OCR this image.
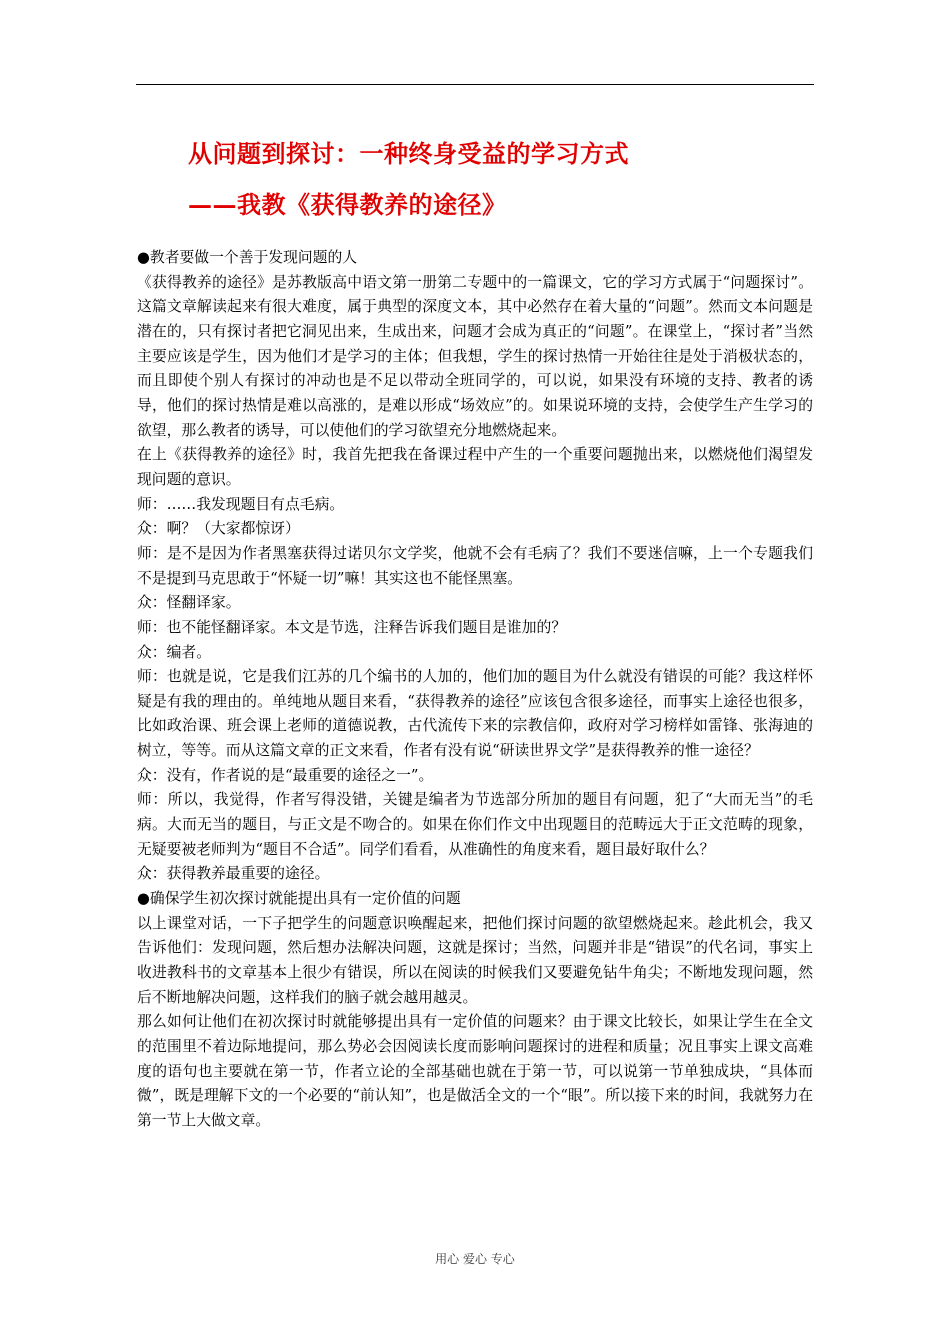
从问题到探讨：一种终身受益的学习方式
——我教《获得教养的途径》

●教者要做一个善于发现问题的人

《获得教养的途径》是苏教版高中语文第一册第二专题中的一篇课文，它的学习方式属于“问题探讨”。这篇文章解读起来有很大难度，属于典型的深度文本，其中必然存在着大量的“问题”。然而文本问题是潜在的，只有探讨者把它洞见出来，生成出来，问题才会成为真正的“问题”。在课堂上，“探讨者”当然主要应该是学生，因为他们才是学习的主体；但我想，学生的探讨热情一开始往往是处于消极状态的，而且即使个别人有探讨的冲动也是不足以带动全班同学的，可以说，如果没有环境的支持、教者的诱导，他们的探讨热情是难以高涨的，是难以形成“场效应”的。如果说环境的支持，会使学生产生学习的欲望，那么教者的诱导，可以使他们的学习欲望充分地燃烧起来。

在上《获得教养的途径》时，我首先把我在备课过程中产生的一个重要问题抛出来，以燃烧他们渴望发现问题的意识。

师：……我发现题目有点毛病。

众：啊？（大家都惊讶）

师：是不是因为作者黑塞获得过诺贝尔文学奖，他就不会有毛病了？我们不要迷信嘛，上一个专题我们不是提到马克思敢于“怀疑一切”嘛！其实这也不能怪黑塞。

众：怪翻译家。

师：也不能怪翻译家。本文是节选，注释告诉我们题目是谁加的？

众：编者。

师：也就是说，它是我们江苏的几个编书的人加的，他们加的题目为什么就没有错误的可能？我这样怀疑是有我的理由的。单纯地从题目来看，“获得教养的途径”应该包含很多途径，而事实上途径也很多，比如政治课、班会课上老师的道德说教，古代流传下来的宗教信仰，政府对学习榜样如雷锋、张海迪的树立，等等。而从这篇文章的正文来看，作者有没有说“研读世界文学”是获得教养的惟一途径？

众：没有，作者说的是“最重要的途径之一”。

师：所以，我觉得，作者写得没错，关键是编者为节选部分所加的题目有问题，犯了“大而无当”的毛病。大而无当的题目，与正文是不吻合的。如果在你们作文中出现题目的范畴远大于正文范畴的现象，无疑要被老师判为“题目不合适”。同学们看看，从准确性的角度来看，题目最好取什么？

众：获得教养最重要的途径。

●确保学生初次探讨就能提出具有一定价值的问题

以上课堂对话，一下子把学生的问题意识唤醒起来，把他们探讨问题的欲望燃烧起来。趁此机会，我又告诉他们：发现问题，然后想办法解决问题，这就是探讨；当然，问题并非是“错误”的代名词，事实上收进教科书的文章基本上很少有错误，所以在阅读的时候我们又要避免钻牛角尖；不断地发现问题，然后不断地解决问题，这样我们的脑子就会越用越灵。

那么如何让他们在初次探讨时就能够提出具有一定价值的问题来？由于课文比较长，如果让学生在全文的范围里不着边际地提问，那么势必会因阅读长度而影响问题探讨的进程和质量；况且事实上课文高难度的语句也主要就在第一节，作者立论的全部基础也就在于第一节，可以说第一节单独成块，“具体而微”，既是理解下文的一个必要的“前认知”，也是做活全文的一个“眼”。所以接下来的时间，我就努力在第一节上大做文章。

用心 爱心 专心
